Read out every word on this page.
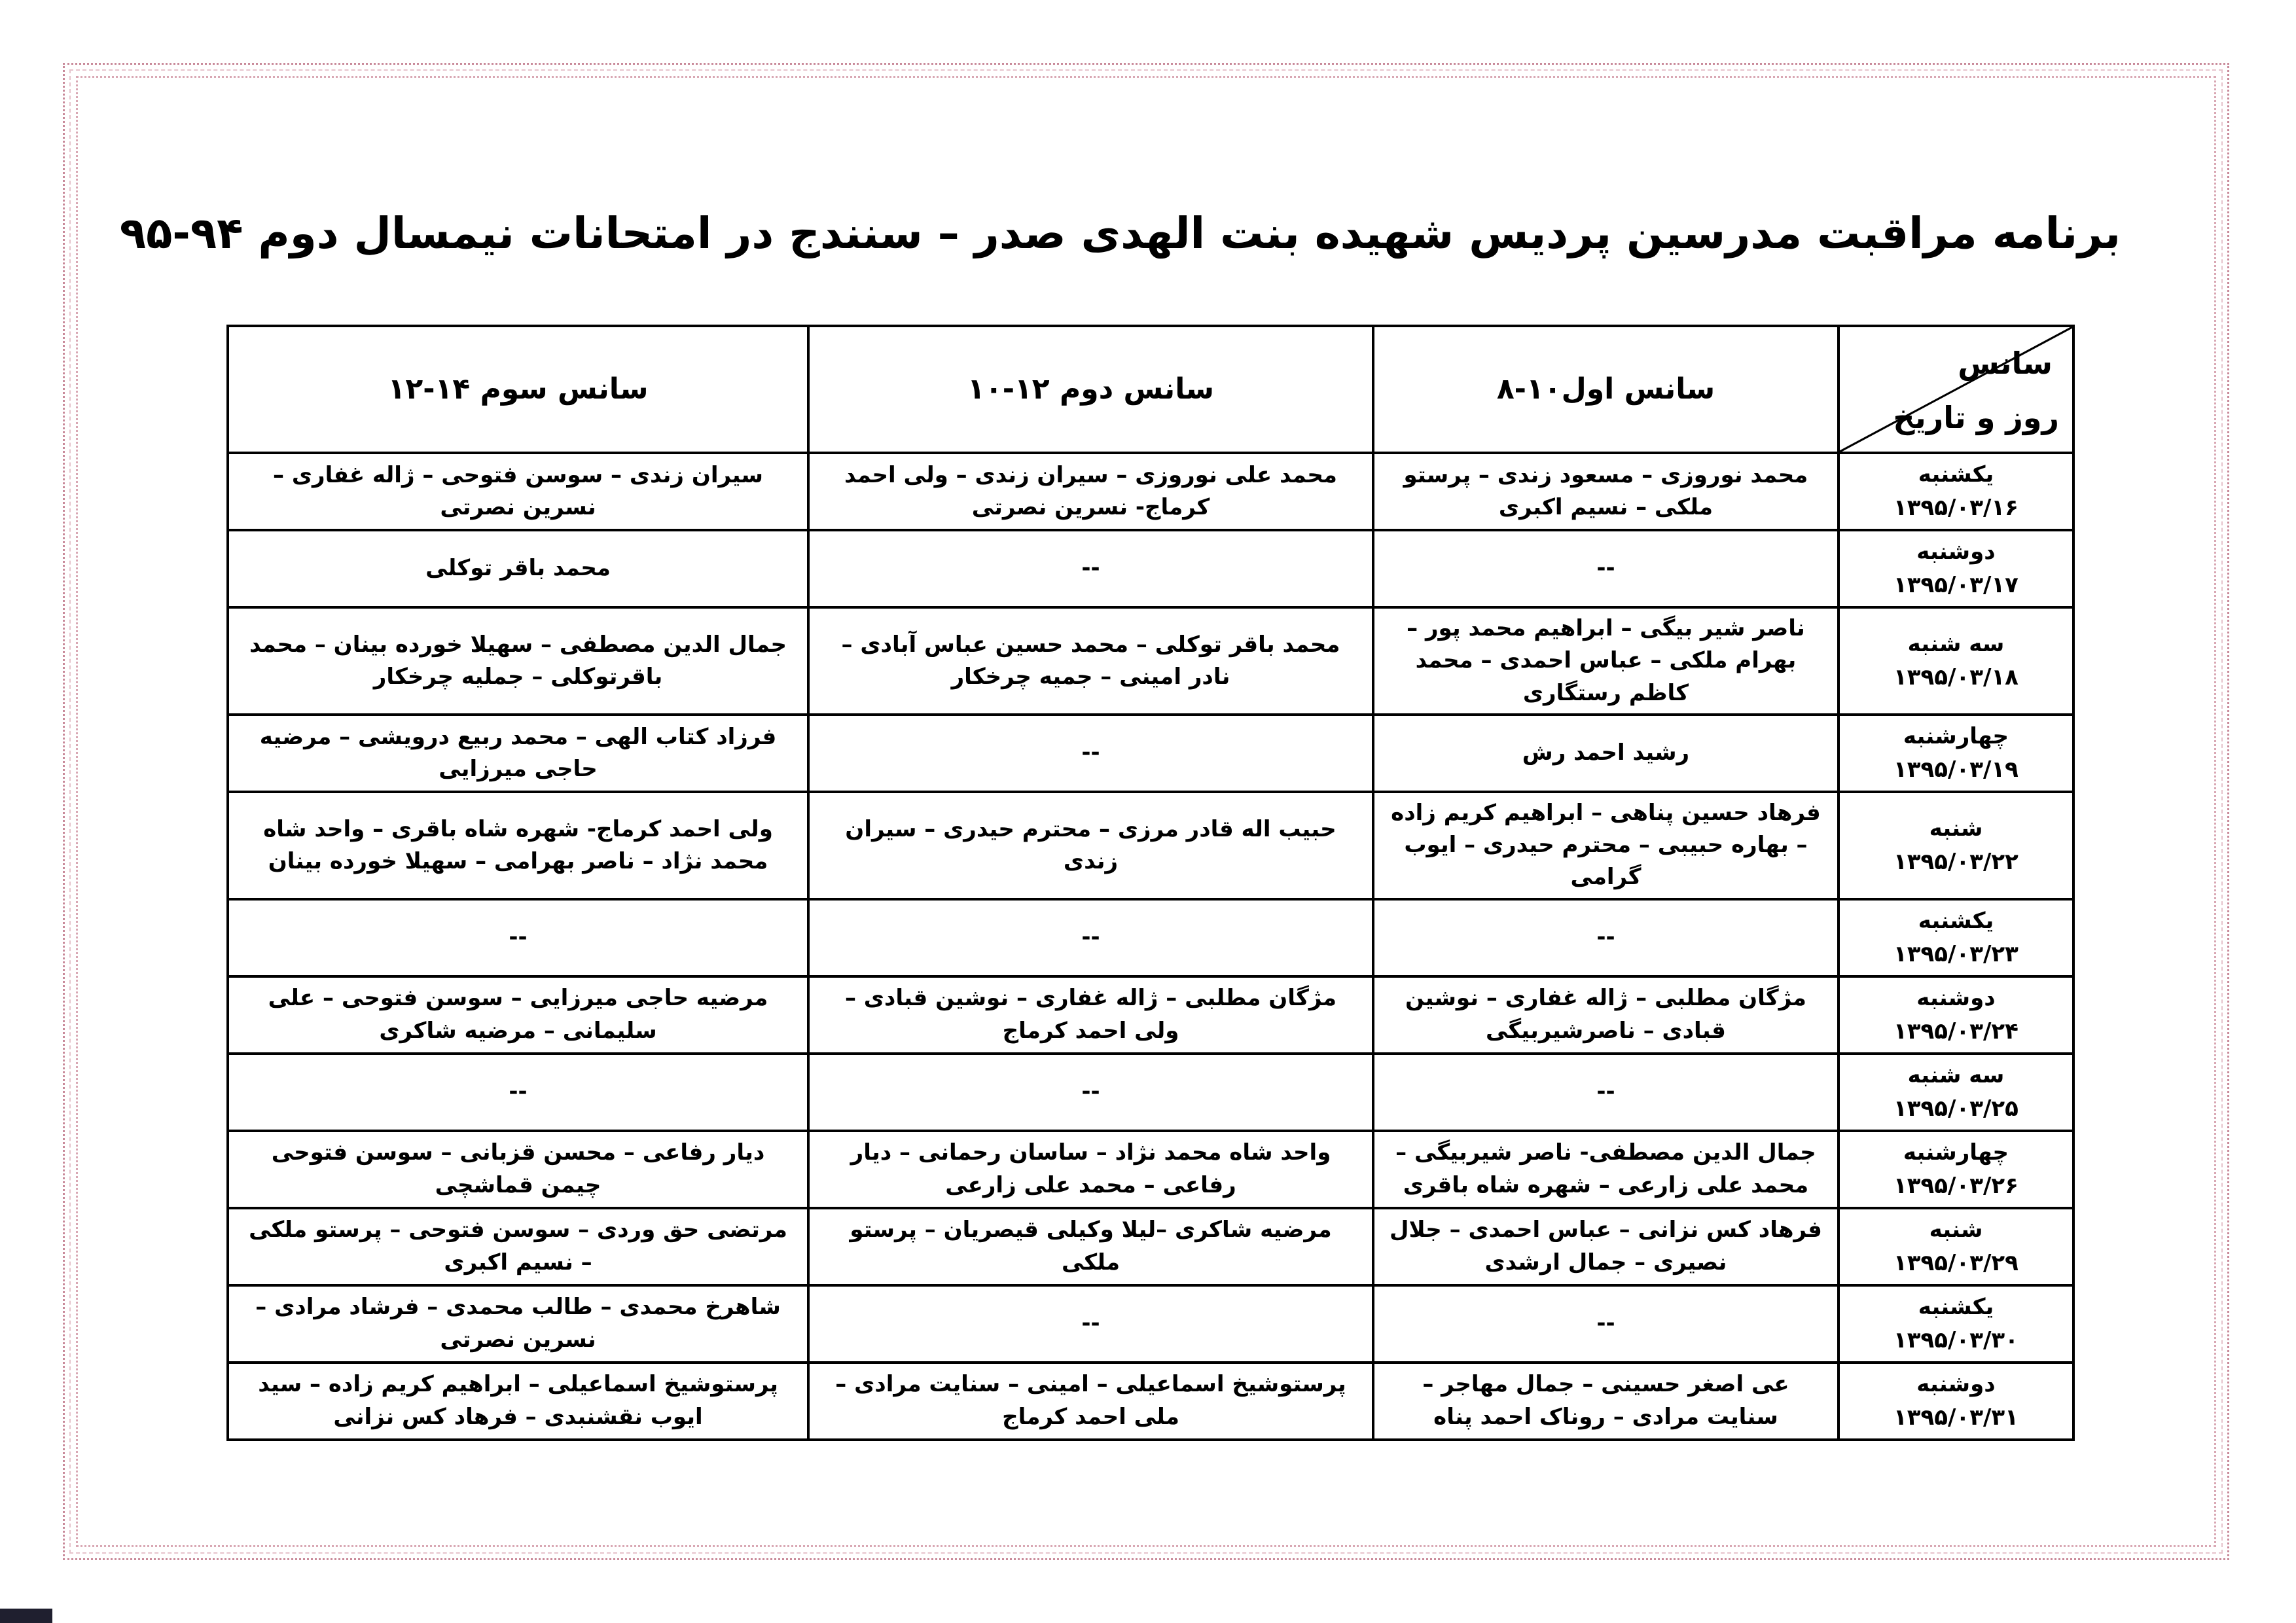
برنامه مراقبت مدرسین پردیس شهیده بنت الهدی صدر – سنندج در امتحانات نیمسال دوم ۹۴-۹۵
سانس
روز و تاریخ	سانس اول۱۰-۸	سانس دوم ۱۲-۱۰	سانس سوم ۱۴-۱۲

یکشنبه
۱۳۹۵/۰۳/۱۶	محمد نوروزی – مسعود زندی – پرستو ملکی – نسیم اکبری	محمد علی نوروزی – سیران زندی – ولی احمد کرماج- نسرین نصرتی	سیران زندی – سوسن فتوحی – ژاله غفاری – نسرین نصرتی

دوشنبه
۱۳۹۵/۰۳/۱۷	--	--	محمد باقر توکلی

سه شنبه
۱۳۹۵/۰۳/۱۸	ناصر شیر بیگی – ابراهیم محمد پور – بهرام ملکی – عباس احمدی – محمد کاظم رستگاری	محمد باقر توکلی – محمد حسین عباس آبادی – نادر امینی – جمیه چرخکار	جمال الدین مصطفی – سهیلا خورده بینان – محمد باقرتوکلی – جملیه چرخکار

چهارشنبه
۱۳۹۵/۰۳/۱۹	رشید احمد رش	--	فرزاد کتاب الهی – محمد ربیع درویشی – مرضیه حاجی میرزایی

شنبه
۱۳۹۵/۰۳/۲۲	فرهاد حسین پناهی – ابراهیم کریم زاده – بهاره حبیبی – محترم حیدری – ایوب گرامی	حبیب اله قادر مرزی – محترم حیدری – سیران زندی	ولی احمد کرماج- شهره شاه باقری – واحد شاه محمد نژاد – ناصر بهرامی – سهیلا خورده بینان

یکشنبه
۱۳۹۵/۰۳/۲۳	--	--	--

دوشنبه
۱۳۹۵/۰۳/۲۴	مژگان مطلبی – ژاله غفاری – نوشین قبادی – ناصرشیربیگی	مژگان مطلبی – ژاله غفاری – نوشین قبادی – ولی احمد کرماج	مرضیه حاجی میرزایی – سوسن فتوحی – علی سلیمانی – مرضیه شاکری

سه شنبه
۱۳۹۵/۰۳/۲۵	--	--	--

چهارشنبه
۱۳۹۵/۰۳/۲۶	جمال الدین مصطفی- ناصر شیربیگی – محمد علی زارعی – شهره شاه باقری	واحد شاه محمد نژاد – ساسان رحمانی – دیار رفاعی – محمد علی زارعی	دیار رفاعی – محسن قزبانی – سوسن فتوحی چیمن قماشچی

شنبه
۱۳۹۵/۰۳/۲۹	فرهاد کس نزانی – عباس احمدی – جلال نصیری – جمال ارشدی	مرضیه شاکری –لیلا وکیلی قیصریان – پرستو ملکی	مرتضی حق وردی – سوسن فتوحی – پرستو ملکی – نسیم اکبری

یکشنبه
۱۳۹۵/۰۳/۳۰	--	--	شاهرخ محمدی – طالب محمدی – فرشاد مرادی – نسرین نصرتی

دوشنبه
۱۳۹۵/۰۳/۳۱	عی اصغر حسینی – جمال مهاجر – سنایت مرادی – روناک احمد پناه	پرستوشیخ اسماعیلی – امینی – سنایت مرادی – ملی احمد کرماج	پرستوشیخ اسماعیلی – ابراهیم کریم زاده – سید ایوب نقشنبدی – فرهاد کس نزانی
